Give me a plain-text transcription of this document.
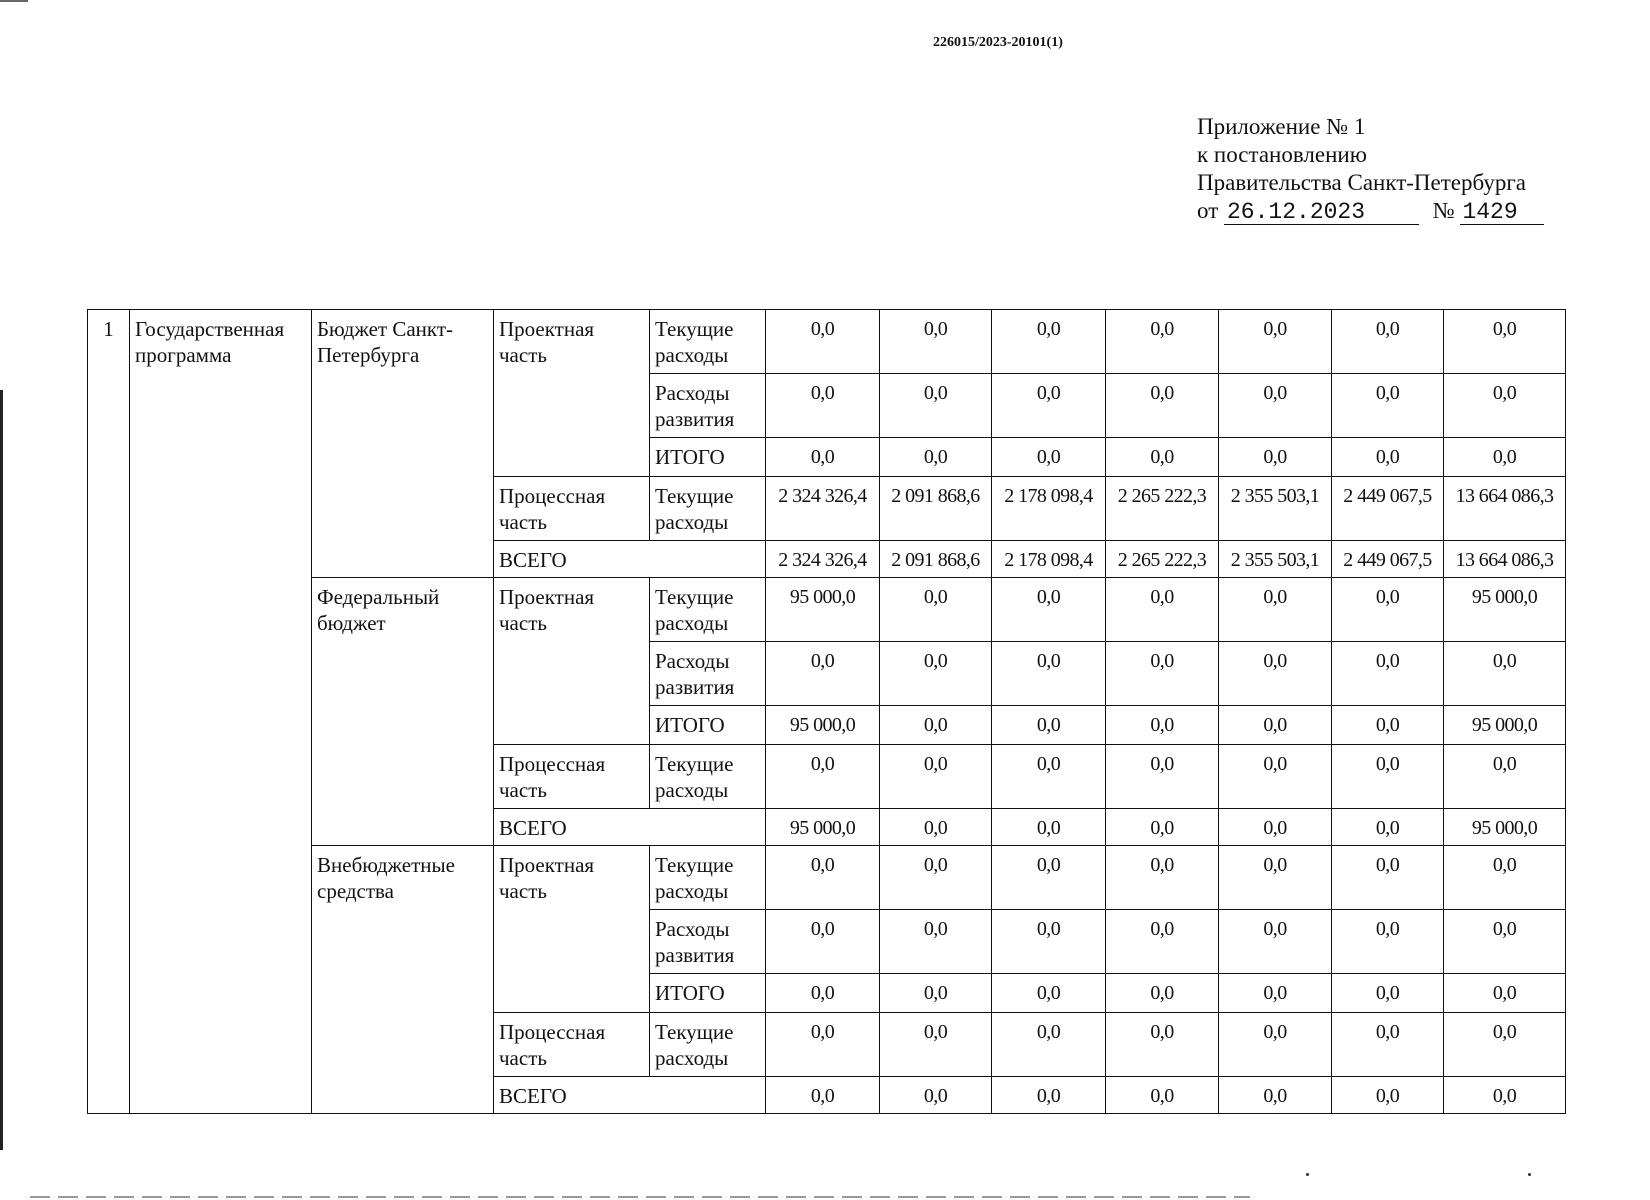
226015/2023-20101(1)
Приложение № 1
к постановлению
Правительства Санкт-Петербурга
от 26.12.2023	№ 1429
1	Государственная программа	Бюджет Санкт-Петербурга	Проектная часть	Текущие расходы	0,0	0,0	0,0	0,0	0,0	0,0	0,0
				Расходы развития	0,0	0,0	0,0	0,0	0,0	0,0	0,0
				ИТОГО	0,0	0,0	0,0	0,0	0,0	0,0	0,0
			Процессная часть	Текущие расходы	2 324 326,4	2 091 868,6	2 178 098,4	2 265 222,3	2 355 503,1	2 449 067,5	13 664 086,3
			ВСЕГО		2 324 326,4	2 091 868,6	2 178 098,4	2 265 222,3	2 355 503,1	2 449 067,5	13 664 086,3
		Федеральный бюджет	Проектная часть	Текущие расходы	95 000,0	0,0	0,0	0,0	0,0	0,0	95 000,0
				Расходы развития	0,0	0,0	0,0	0,0	0,0	0,0	0,0
				ИТОГО	95 000,0	0,0	0,0	0,0	0,0	0,0	95 000,0
			Процессная часть	Текущие расходы	0,0	0,0	0,0	0,0	0,0	0,0	0,0
			ВСЕГО		95 000,0	0,0	0,0	0,0	0,0	0,0	95 000,0
		Внебюджетные средства	Проектная часть	Текущие расходы	0,0	0,0	0,0	0,0	0,0	0,0	0,0
				Расходы развития	0,0	0,0	0,0	0,0	0,0	0,0	0,0
				ИТОГО	0,0	0,0	0,0	0,0	0,0	0,0	0,0
			Процессная часть	Текущие расходы	0,0	0,0	0,0	0,0	0,0	0,0	0,0
			ВСЕГО		0,0	0,0	0,0	0,0	0,0	0,0	0,0
